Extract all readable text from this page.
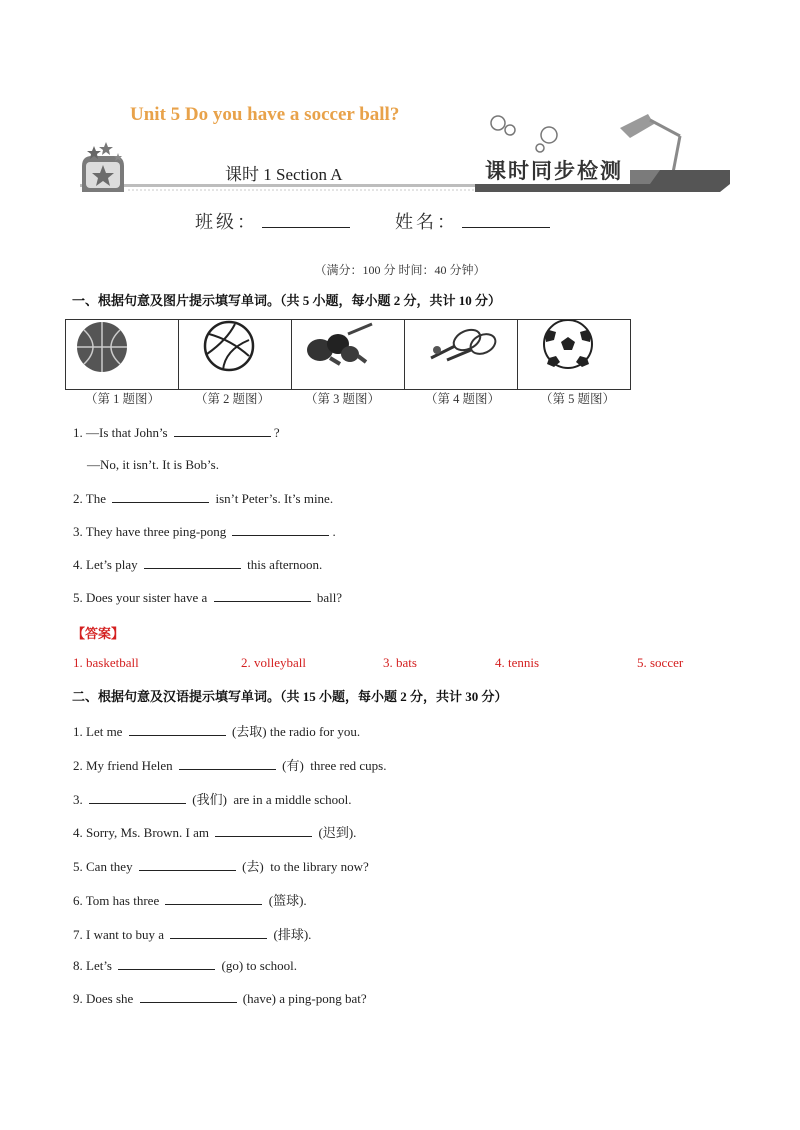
Unit 5 Do you have a soccer ball?
课时 1 Section A	课时同步检测
班级：	姓名：
（满分：100 分 时间：40 分钟）
一、根据句意及图片提示填写单词。（共 5 小题，每小题 2 分，共计 10 分）

（第 1 题图）	（第 2 题图）	（第 3 题图）	（第 4 题图）	（第 5 题图）
1. —Is that John’s	?
—No, it isn’t. It is Bob’s.
2. The	isn’t Peter’s. It’s mine.
3. They have three ping-pong	.
4. Let’s play	this afternoon.
5. Does your sister have a	ball?
【答案】
1. basketball	2. volleyball	3. bats	4. tennis	5. soccer
二、根据句意及汉语提示填写单词。（共 15 小题，每小题 2 分，共计 30 分）
1. Let me	(去取) the radio for you.
2. My friend Helen	(有)  three red cups.
3.	(我们)  are in a middle school.
4. Sorry, Ms. Brown. I am	(迟到).
5. Can they	(去)  to the library now?
6. Tom has three	(篮球).
7. I want to buy a	(排球).
8. Let’s	(go) to school.
9. Does she	(have) a ping-pong bat?
